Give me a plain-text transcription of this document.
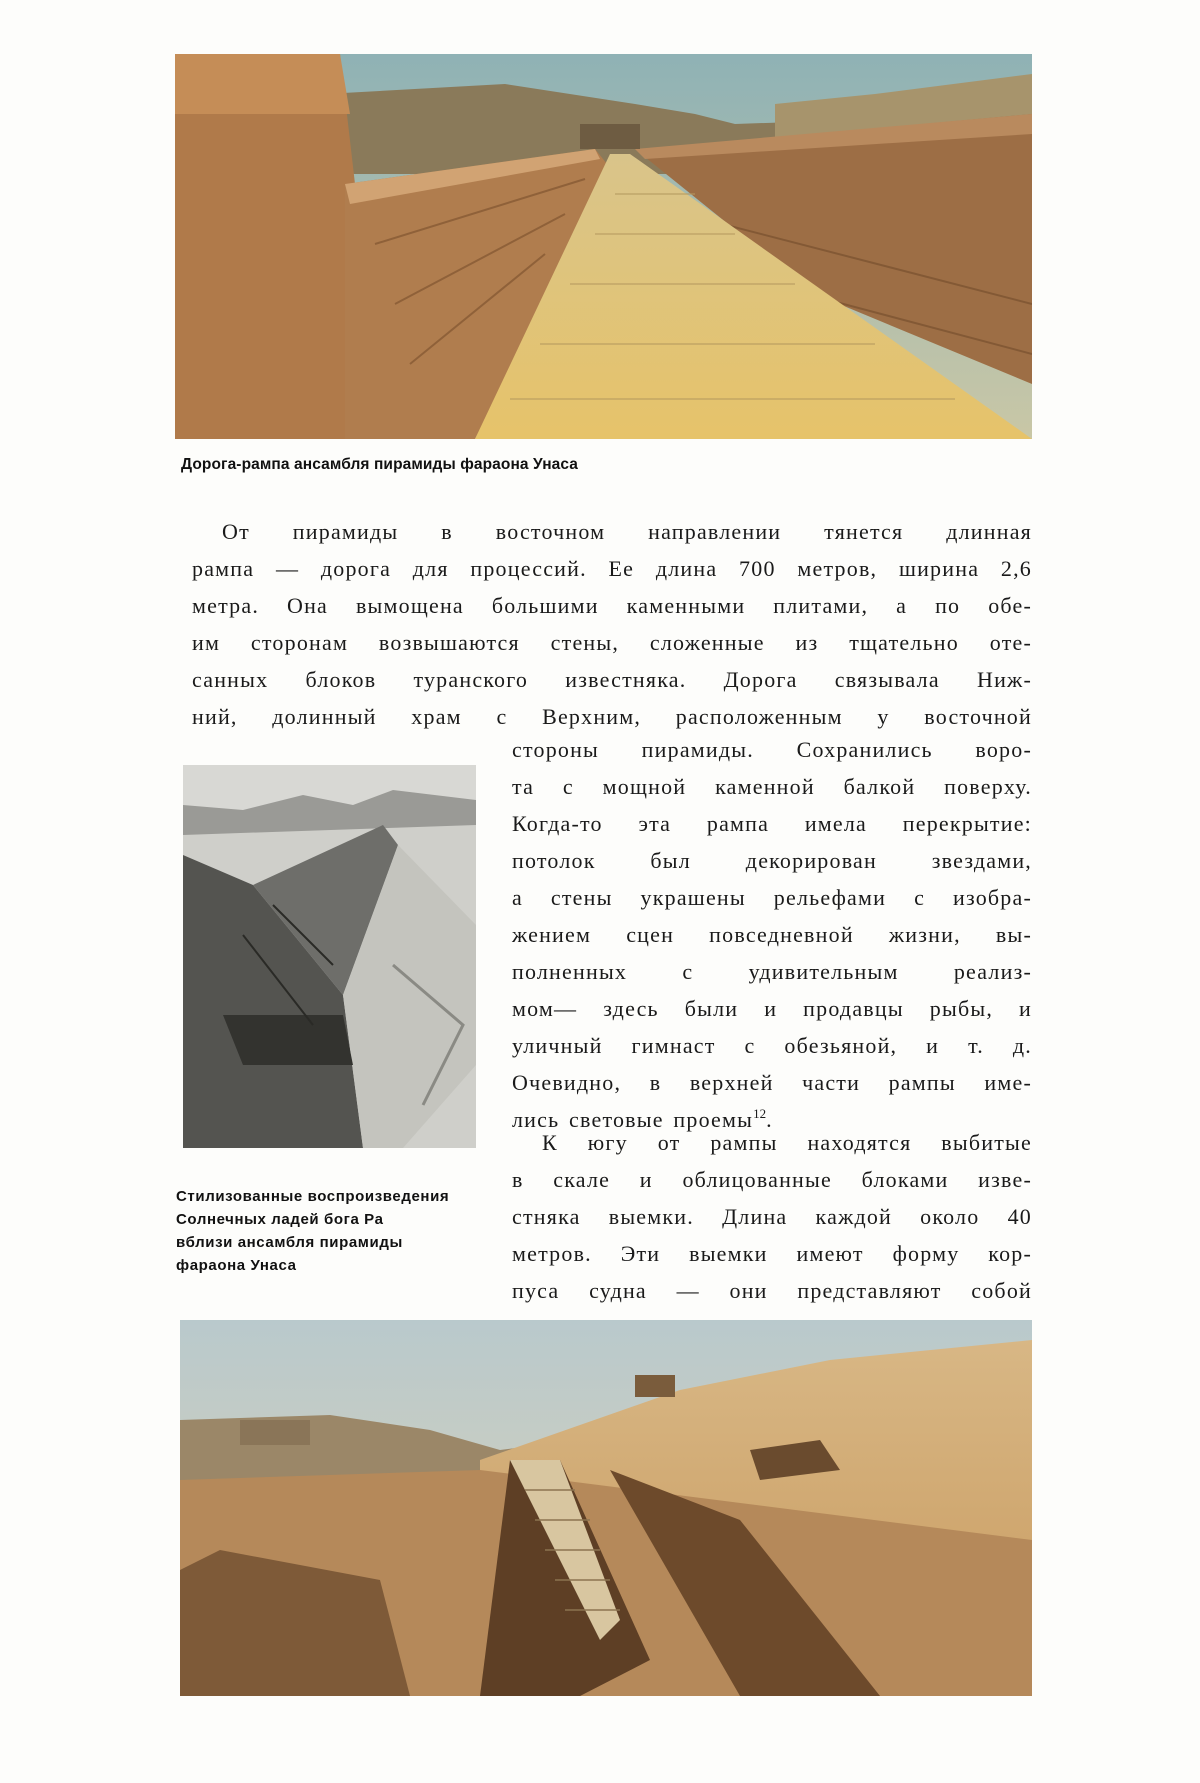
Дорога-рампа ансамбля пирамиды фараона Унаса
От пирамиды в восточном направлении тянется длинная
рампа — дорога для процессий. Ее длина 700 метров, ширина 2,6
метра. Она вымощена большими каменными плитами, а по обе-
им сторонам возвышаются стены, сложенные из тщательно оте-
санных блоков туранского известняка. Дорога связывала Ниж-
ний, долинный храм с Верхним, расположенным у восточной
Стилизованные воспроизведения
Солнечных ладей бога Ра
вблизи ансамбля пирамиды
фараона Унаса
стороны пирамиды. Сохранились воро-
та с мощной каменной балкой поверху.
Когда-то эта рампа имела перекрытие:
потолок был декорирован звездами,
а стены украшены рельефами с изобра-
жением сцен повседневной жизни, вы-
полненных с удивительным реализ-
мом— здесь были и продавцы рыбы, и
уличный гимнаст с обезьяной, и т. д.
Очевидно, в верхней части рампы име-
лись световые проемы$^{12}$.
К югу от рампы находятся выбитые
в скале и облицованные блоками изве-
стняка выемки. Длина каждой около 40
метров. Эти выемки имеют форму кор-
пуса судна — они представляют собой
